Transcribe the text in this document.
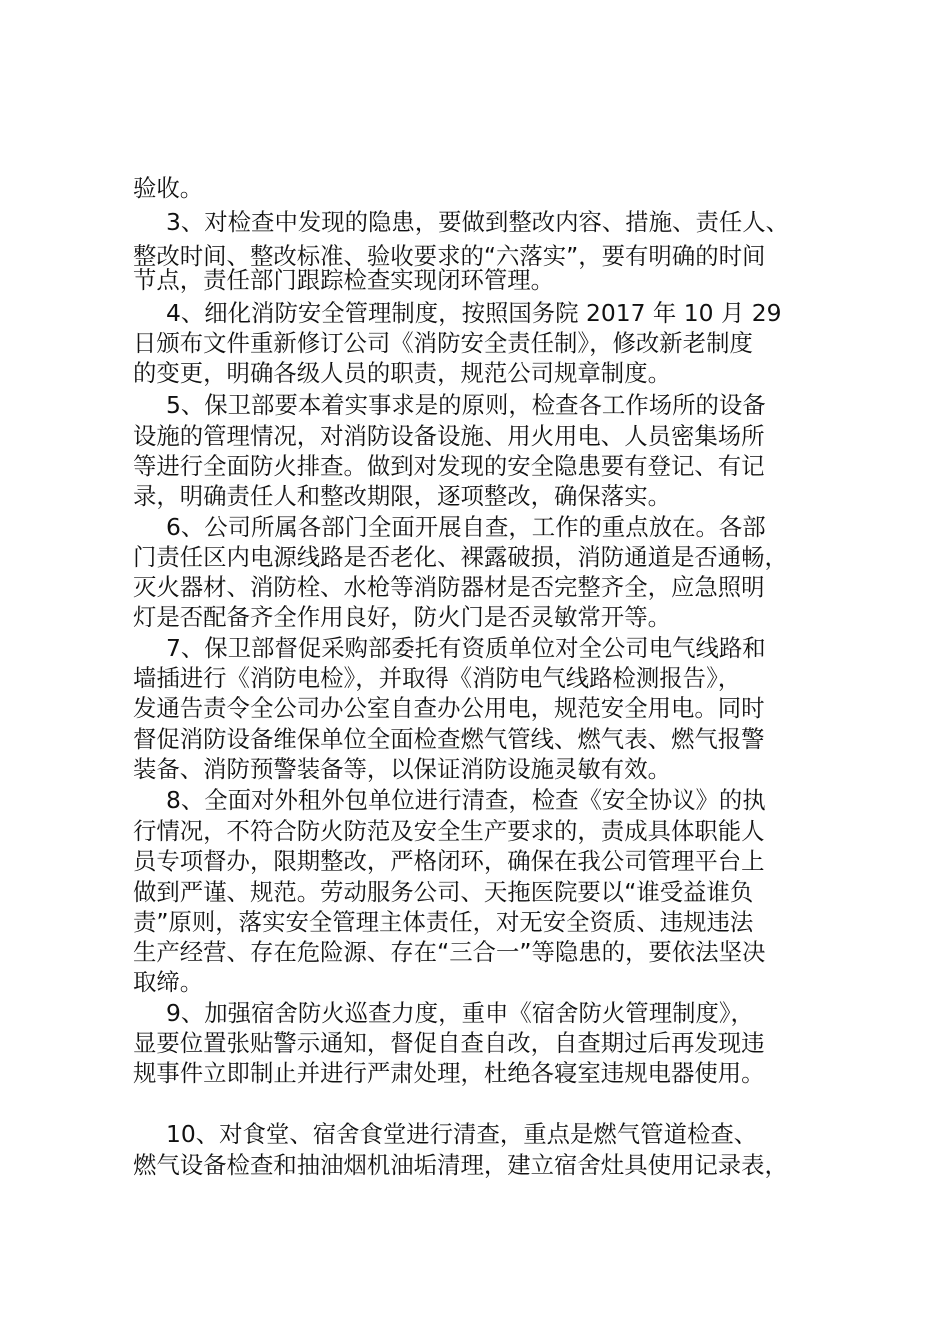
验收。
3、对检查中发现的隐患，要做到整改内容、措施、责任人、
整改时间、整改标准、验收要求的“六落实”，要有明确的时间
节点，责任部门跟踪检查实现闭环管理。
4、细化消防安全管理制度，按照国务院 2017 年 10 月 29
日颁布文件重新修订公司《消防安全责任制》，修改新老制度
的变更，明确各级人员的职责，规范公司规章制度。
5、保卫部要本着实事求是的原则，检查各工作场所的设备
设施的管理情况，对消防设备设施、用火用电、人员密集场所
等进行全面防火排查。做到对发现的安全隐患要有登记、有记
录，明确责任人和整改期限，逐项整改，确保落实。
6、公司所属各部门全面开展自查，工作的重点放在。各部
门责任区内电源线路是否老化、裸露破损，消防通道是否通畅，
灭火器材、消防栓、水枪等消防器材是否完整齐全，应急照明
灯是否配备齐全作用良好，防火门是否灵敏常开等。
7、保卫部督促采购部委托有资质单位对全公司电气线路和
墙插进行《消防电检》，并取得《消防电气线路检测报告》，
发通告责令全公司办公室自查办公用电，规范安全用电。同时
督促消防设备维保单位全面检查燃气管线、燃气表、燃气报警
装备、消防预警装备等，以保证消防设施灵敏有效。
8、全面对外租外包单位进行清查，检查《安全协议》的执
行情况，不符合防火防范及安全生产要求的，责成具体职能人
员专项督办，限期整改，严格闭环，确保在我公司管理平台上
做到严谨、规范。劳动服务公司、天拖医院要以“谁受益谁负
责”原则，落实安全管理主体责任，对无安全资质、违规违法
生产经营、存在危险源、存在“三合一”等隐患的，要依法坚决
取缔。
9、加强宿舍防火巡查力度，重申《宿舍防火管理制度》，
显要位置张贴警示通知，督促自查自改，自查期过后再发现违
规事件立即制止并进行严肃处理，杜绝各寝室违规电器使用。
10、对食堂、宿舍食堂进行清查，重点是燃气管道检查、
燃气设备检查和抽油烟机油垢清理，建立宿舍灶具使用记录表，
